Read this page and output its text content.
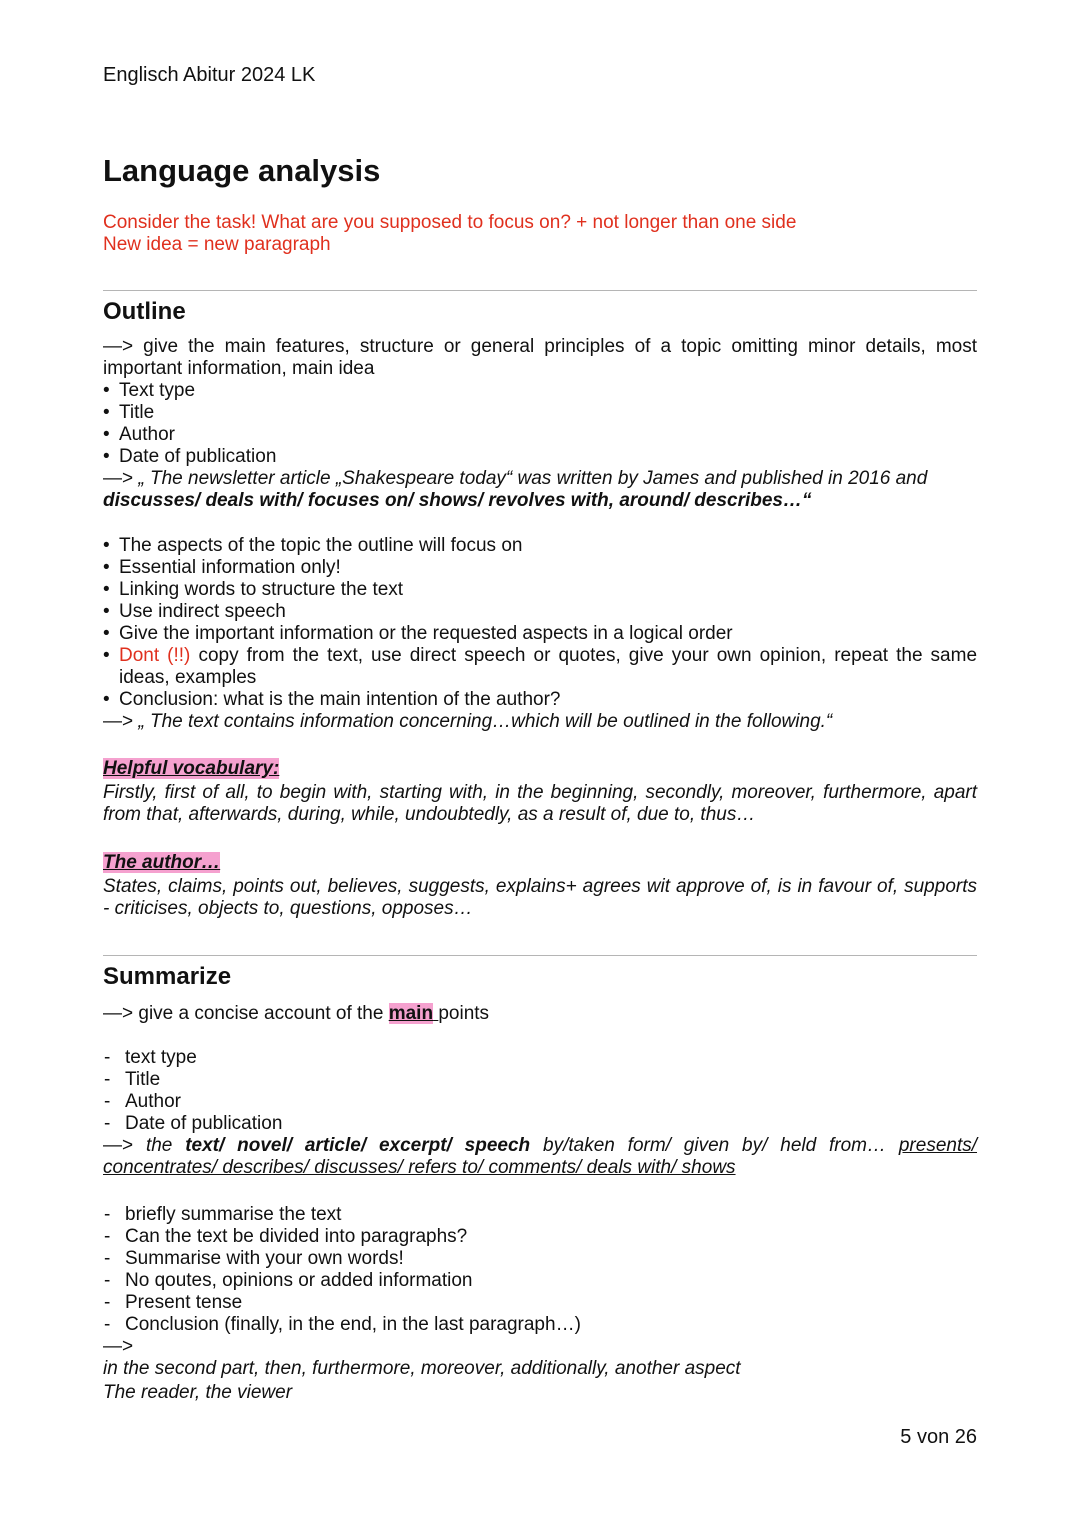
Englisch Abitur 2024 LK
Language analysis
Consider the task! What are you supposed to focus on? + not longer than one side
New idea = new paragraph
Outline
—> give the main features, structure or general principles of a topic omitting minor details, most important information, main idea
• Text type
• Title
• Author
• Date of publication
—> „ The newsletter article „Shakespeare today“ was written by James and published in 2016 and
discusses/ deals with/ focuses on/ shows/ revolves with, around/ describes…“
• The aspects of the topic the outline will focus on
• Essential information only!
• Linking words to structure the text
• Use indirect speech
• Give the important information or the requested aspects in a logical order
• Dont (!!) copy from the text, use direct speech or quotes, give your own opinion, repeat the same ideas, examples
• Conclusion: what is the main intention of the author?
—> „ The text contains information concerning…which will be outlined in the following.“
Helpful vocabulary:
Firstly, first of all, to begin with, starting with, in the beginning, secondly, moreover, furthermore, apart from that, afterwards, during, while, undoubtedly, as a result of, due to, thus…
The author…
States, claims, points out, believes, suggests, explains+ agrees wit approve of, is in favour of, supports - criticises, objects to, questions, opposes…
Summarize
—> give a concise account of the main points
- text type
- Title
- Author
- Date of publication
—> the text/ novel/ article/ excerpt/ speech by/taken form/ given by/ held from… presents/ concentrates/ describes/ discusses/ refers to/ comments/ deals with/ shows
- briefly summarise the text
- Can the text be divided into paragraphs?
- Summarise with your own words!
- No qoutes, opinions or added information
- Present tense
- Conclusion (finally, in the end, in the last paragraph…)
—>
in the second part, then, furthermore, moreover, additionally, another aspect
The reader, the viewer
5 von 26
